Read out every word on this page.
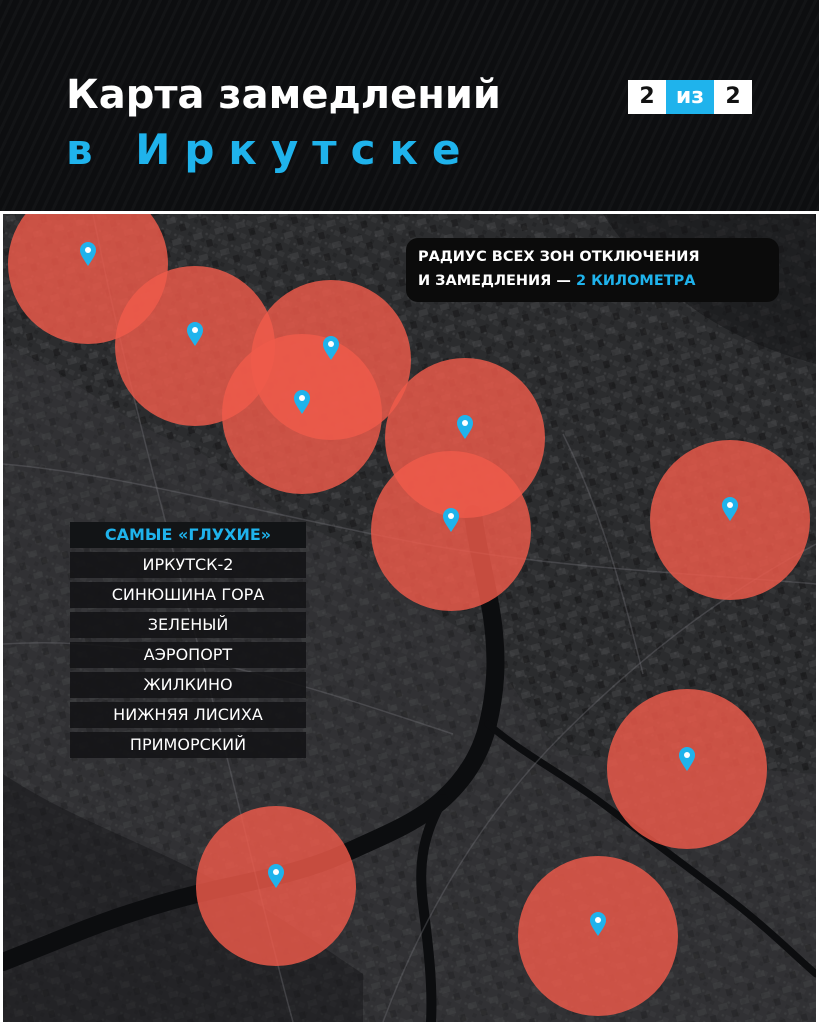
Карта замедлений
в Иркутске
2 из 2
РАДИУС ВСЕХ ЗОН ОТКЛЮЧЕНИЯ
И ЗАМЕДЛЕНИЯ — 2 КИЛОМЕТРА
САМЫЕ «ГЛУХИЕ»
ИРКУТСК-2
СИНЮШИНА ГОРА
ЗЕЛЕНЫЙ
АЭРОПОРТ
ЖИЛКИНО
НИЖНЯЯ ЛИСИХА
ПРИМОРСКИЙ
